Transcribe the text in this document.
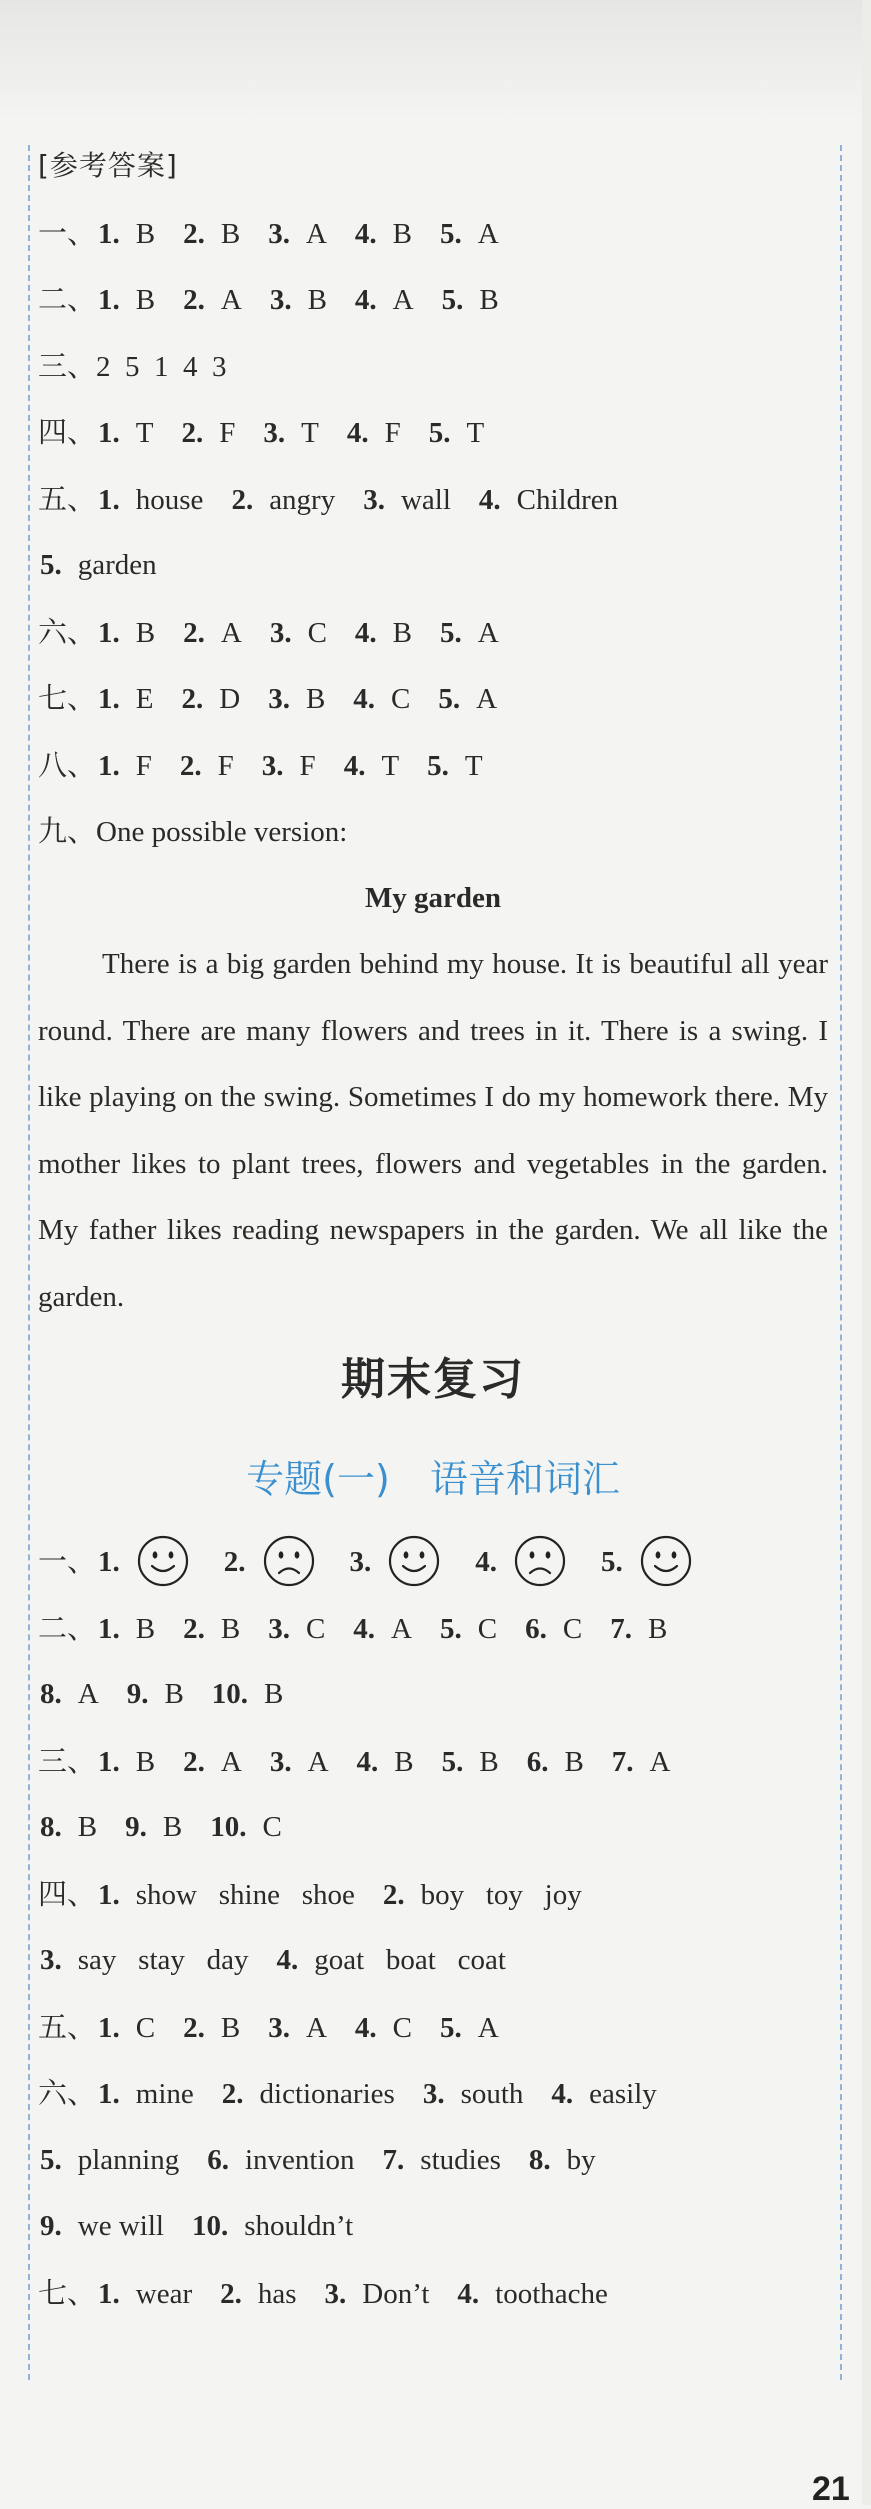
[参考答案]
一、1. B 2. B 3. A 4. B 5. A
二、1. B 2. A 3. B 4. A 5. B
三、2  5  1  4  3
四、1. T 2. F 3. T 4. F 5. T
五、1. house 2. angry 3. wall 4. Children
5. garden
六、1. B 2. A 3. C 4. B 5. A
七、1. E 2. D 3. B 4. C 5. A
八、1. F 2. F 3. F 4. T 5. T
九、One possible version:
My garden

There is a big garden behind my house. It is beautiful all year round. There are many flowers and trees in it. There is a swing. I like playing on the swing. Sometimes I do my homework there. My mother likes to plant trees, flowers and vegetables in the garden. My father likes reading newspapers in the garden. We all like the garden.

期末复习
专题(一) 语音和词汇
一、1.	2.	3.	4.	5.
二、1. B 2. B 3. C 4. A 5. C 6. C 7. B
8. A 9. B 10. B
三、1. B 2. A 3. A 4. B 5. B 6. B 7. A
8. B 9. B 10. C
四、1. show   shine   shoe 2. boy   toy   joy
3. say   stay   day 4. goat   boat   coat
五、1. C 2. B 3. A 4. C 5. A
六、1. mine 2. dictionaries 3. south 4. easily
5. planning 6. invention 7. studies 8. by
9. we will 10. shouldn’t
七、1. wear 2. has 3. Don’t 4. toothache
21
